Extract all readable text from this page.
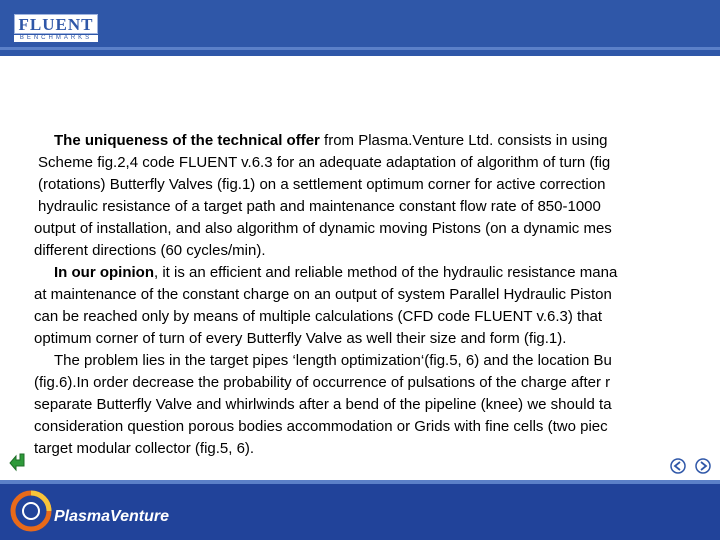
FLUENT
BENCHMARKS
The uniqueness of the technical offer from Plasma.Venture Ltd. consists in using
Scheme fig.2,4 code FLUENT v.6.3 for an adequate adaptation of algorithm of turn (fig
(rotations) Butterfly Valves (fig.1) on a settlement optimum corner for active correction
hydraulic resistance of a target path and maintenance constant flow rate of 850-1000
output of installation, and also algorithm of dynamic moving Pistons (on a dynamic mes
different directions (60 cycles/min).
In our opinion, it is an efficient and reliable method of the hydraulic resistance mana
at maintenance of the constant charge on an output of system Parallel Hydraulic Piston
can be reached only by means of multiple calculations (CFD code FLUENT v.6.3) that
optimum corner of turn of every Butterfly Valve as well their size and form (fig.1).
The problem lies in the target pipes ‘length optimization‘(fig.5, 6) and the location Bu
(fig.6).In order decrease the probability of occurrence of pulsations of the charge after r
separate Butterfly Valve and whirlwinds after a bend of the pipeline (knee) we should ta
consideration question porous bodies accommodation or Grids with fine cells (two piec
target modular collector (fig.5, 6).
PlasmaVenture
